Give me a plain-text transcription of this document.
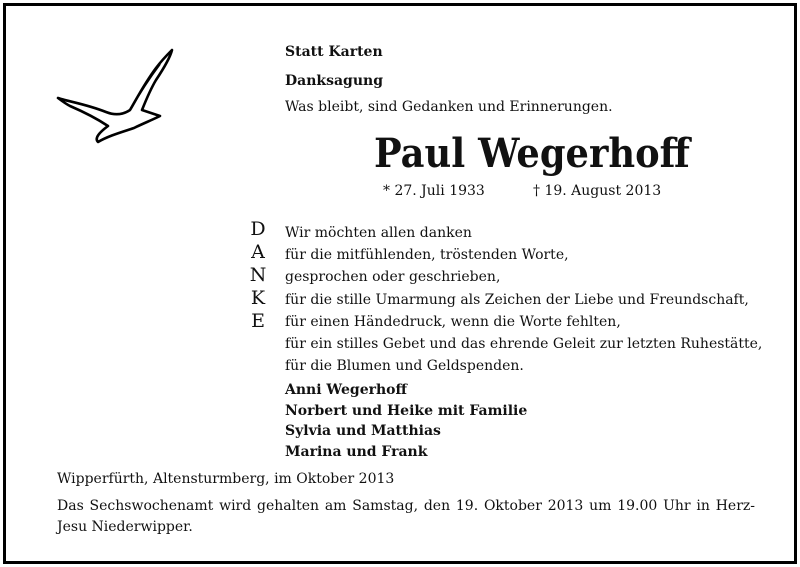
Statt Karten
Danksagung
Was bleibt, sind Gedanken und Erinnerungen.
Paul Wegerhoff
* 27. Juli 1933	† 19. August 2013
D
A
N
K
E
Wir möchten allen danken
für die mitfühlenden, tröstenden Worte,
gesprochen oder geschrieben,
für die stille Umarmung als Zeichen der Liebe und Freundschaft,
für einen Händedruck, wenn die Worte fehlten,
für ein stilles Gebet und das ehrende Geleit zur letzten Ruhestätte,
für die Blumen und Geldspenden.
Anni Wegerhoff
Norbert und Heike mit Familie
Sylvia und Matthias
Marina und Frank
Wipperfürth, Altensturmberg, im Oktober 2013
Das Sechswochenamt wird gehalten am Samstag, den 19. Oktober 2013 um 19.00 Uhr in Herz-Jesu Niederwipper.
